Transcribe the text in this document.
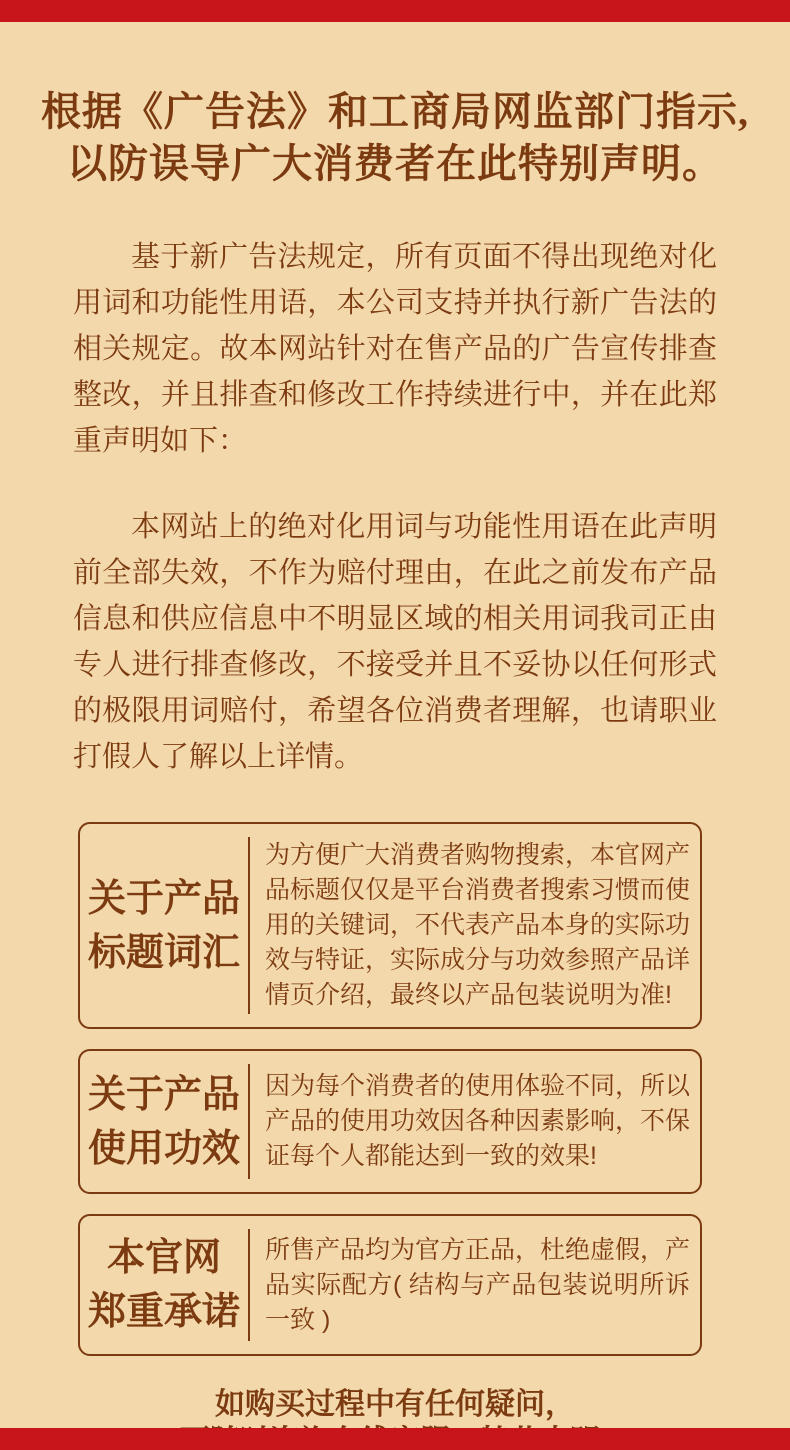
根据《广告法》和工商局网监部门指示,
以防误导广大消费者在此特别声明。
基于新广告法规定，所有页面不得出现绝对化用词和功能性用语，本公司支持并执行新广告法的相关规定。故本网站针对在售产品的广告宣传排查整改，并且排查和修改工作持续进行中，并在此郑重声明如下：
本网站上的绝对化用词与功能性用语在此声明前全部失效，不作为赔付理由，在此之前发布产品信息和供应信息中不明显区域的相关用词我司正由专人进行排查修改，不接受并且不妥协以任何形式的极限用词赔付，希望各位消费者理解，也请职业打假人了解以上详情。
关于产品
标题词汇
为方便广大消费者购物搜索，本官网产品标题仅仅是平台消费者搜索习惯而使用的关键词，不代表产品本身的实际功效与特证，实际成分与功效参照产品详情页介绍，最终以产品包装说明为准!
关于产品
使用功效
因为每个消费者的使用体验不同，所以产品的使用功效因各种因素影响，不保证每个人都能达到一致的效果!
本官网
郑重承诺
所售产品均为官方正品，杜绝虚假，产品实际配方( 结构与产品包装说明所诉一致 )
如购买过程中有任何疑问，
